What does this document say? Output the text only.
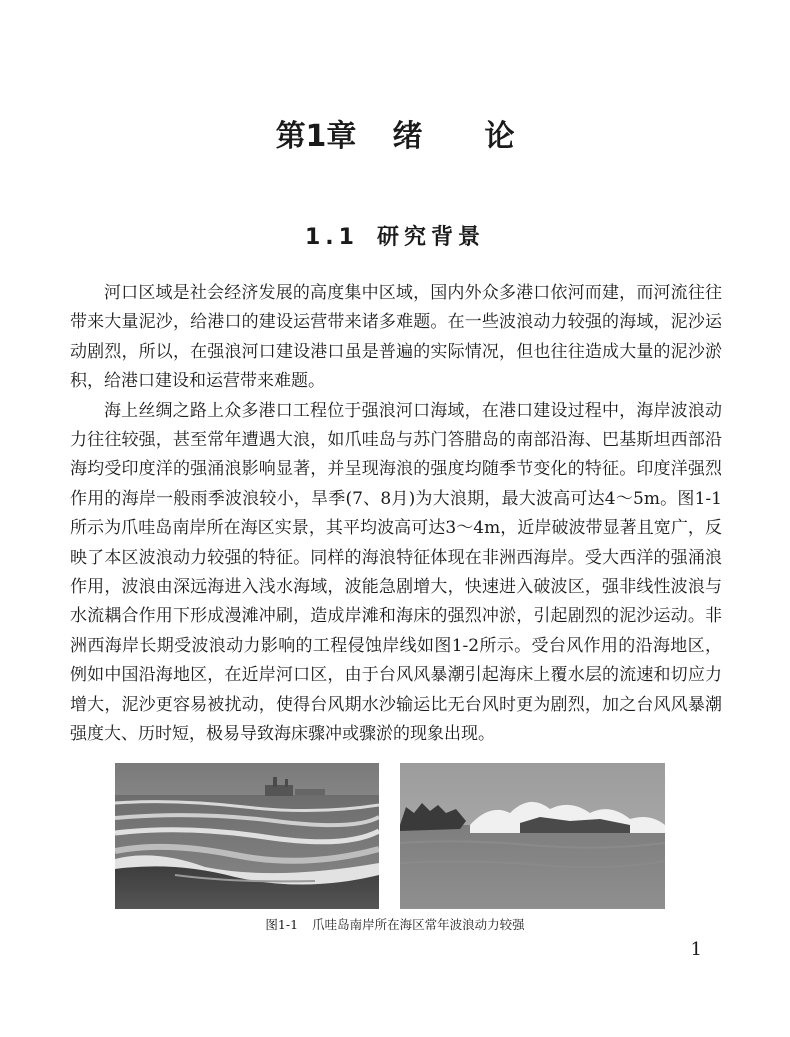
第1章 绪 论
1.1 研究背景

河口区域是社会经济发展的高度集中区域，国内外众多港口依河而建，而河流往往带来大量泥沙，给港口的建设运营带来诸多难题。在一些波浪动力较强的海域，泥沙运动剧烈，所以，在强浪河口建设港口虽是普遍的实际情况，但也往往造成大量的泥沙淤积，给港口建设和运营带来难题。

海上丝绸之路上众多港口工程位于强浪河口海域，在港口建设过程中，海岸波浪动力往往较强，甚至常年遭遇大浪，如爪哇岛与苏门答腊岛的南部沿海、巴基斯坦西部沿海均受印度洋的强涌浪影响显著，并呈现海浪的强度均随季节变化的特征。印度洋强烈作用的海岸一般雨季波浪较小，旱季(7、8月)为大浪期，最大波高可达4～5m。图1-1所示为爪哇岛南岸所在海区实景，其平均波高可达3～4m，近岸破波带显著且宽广，反映了本区波浪动力较强的特征。同样的海浪特征体现在非洲西海岸。受大西洋的强涌浪作用，波浪由深远海进入浅水海域，波能急剧增大，快速进入破波区，强非线性波浪与水流耦合作用下形成漫滩冲刷，造成岸滩和海床的强烈冲淤，引起剧烈的泥沙运动。非洲西海岸长期受波浪动力影响的工程侵蚀岸线如图1-2所示。受台风作用的沿海地区，例如中国沿海地区，在近岸河口区，由于台风风暴潮引起海床上覆水层的流速和切应力增大，泥沙更容易被扰动，使得台风期水沙输运比无台风时更为剧烈，加之台风风暴潮强度大、历时短，极易导致海床骤冲或骤淤的现象出现。

图1-1 爪哇岛南岸所在海区常年波浪动力较强

1
